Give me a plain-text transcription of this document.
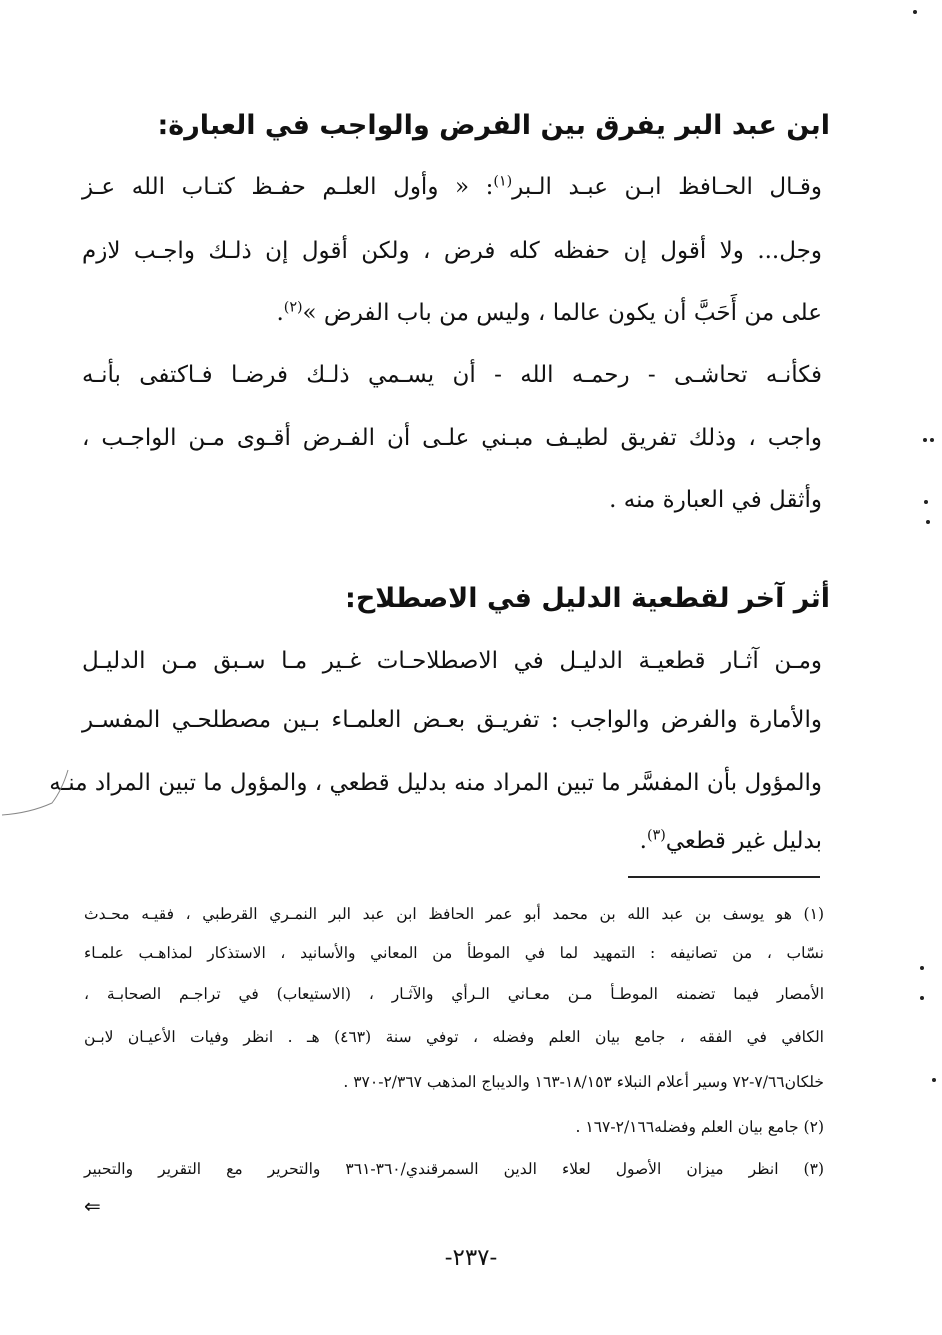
ابن عبد البر يفرق بين الفرض والواجب في العبارة:
وقـال الحـافظ ابـن عبـد الـبر$^{(١)}$: « وأول العلـم حفـظ كتـاب الله عـز
وجل... ولا أقول إن حفظه كله فرض ، ولكن أقول إن ذلـك واجـب لازم
على من أَحَبَّ أن يكون عالما ، وليس من باب الفرض »$^{(٢)}$.
فكأنـه تحاشـى - رحمـه الله - أن يسـمي ذلـك فرضـا فـاكتفى بأنـه
واجب ، وذلك تفريق لطيـف مبـني علـى أن الفـرض أقـوى مـن الواجـب ،
وأثقل في العبارة منه .
أثر آخر لقطعية الدليل في الاصطلاح:
ومـن آثـار قطعيـة الدليـل في الاصطلاحـات غـير مـا سـبق مـن الدليـل
والأمارة والفرض والواجب : تفريـق بعـض العلمـاء بـين مصطلحـي المفسـر
والمؤول بأن المفسَّر ما تبين المراد منه بدليل قطعي ، والمؤول ما تبين المراد منـه
بدليل غير قطعي$^{(٣)}$.
(١) هو يوسف بن عبد الله بن محمد أبو عمر الحافظ ابن عبد البر النمـري القرطبي ، فقيـه محـدث
نسّاب ، من تصانيفه : التمهيد لما في الموطأ من المعاني والأسانيد ، الاستذكار لمذاهـب علمـاء
الأمصار فيما تضمنه الموطـأ مـن معـاني الـرأي والآثـار ، (الاستيعاب) في تراجـم الصحابـة ،
الكافي في الفقه ، جامع بيان العلم وفضله ، توفي سنة (٤٦٣) هـ . انظر وفيات الأعيـان لابـن
خلكان٧/٦٦-٧٢ وسير أعلام النبلاء ١٨/١٥٣-١٦٣ والديباج المذهب ٢/٣٦٧-٣٧٠ .
(٢) جامع بيان العلم وفضله٢/١٦٦-١٦٧ .
(٣) انظر ميزان الأصول لعلاء الدين السمرقندي/٣٦٠-٣٦١ والتحرير مع التقرير والتحبير
⇐
-٢٣٧-
